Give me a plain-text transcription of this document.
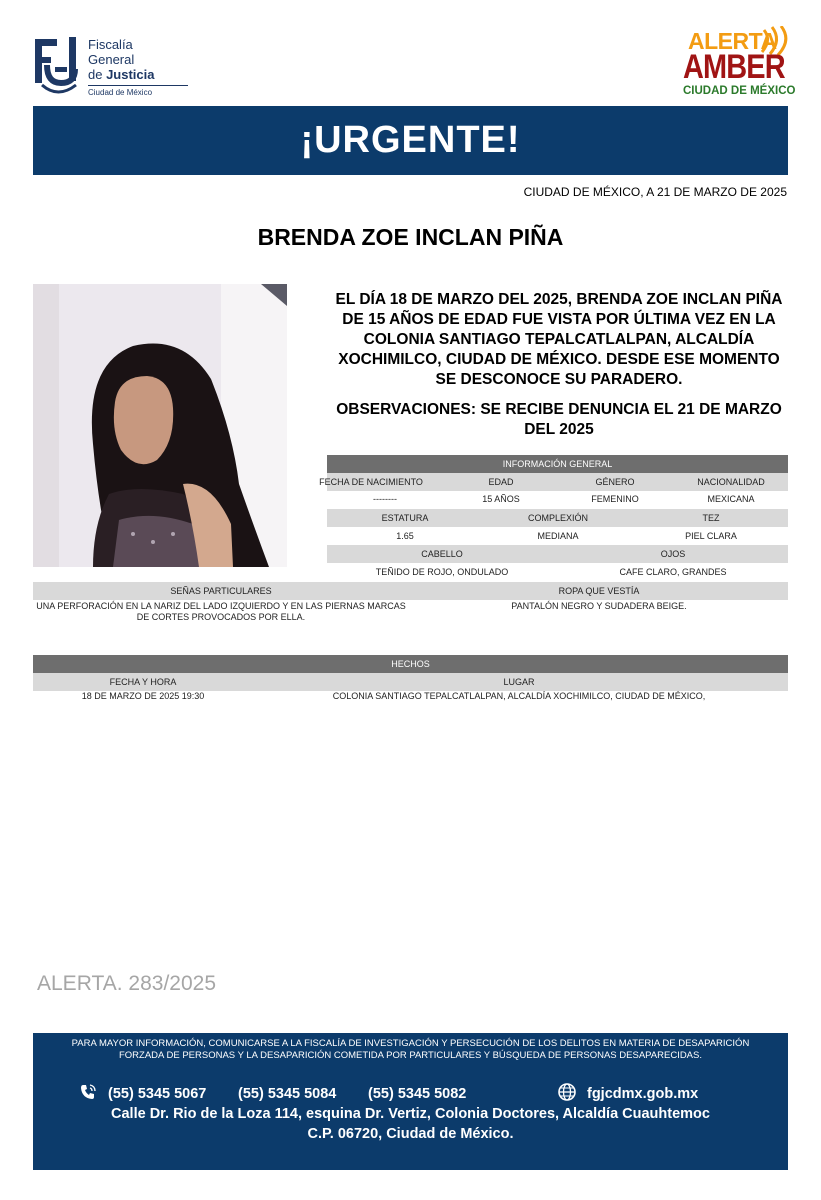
Fiscalía
General
de Justicia
Ciudad de México
ALERTA
AMBER
CIUDAD DE MÉXICO
¡URGENTE!
CIUDAD DE MÉXICO, A 21 DE MARZO DE 2025
BRENDA ZOE INCLAN PIÑA
EL DÍA 18 DE MARZO DEL 2025, BRENDA ZOE INCLAN PIÑA DE 15 AÑOS DE EDAD FUE VISTA POR ÚLTIMA VEZ EN LA COLONIA SANTIAGO TEPALCATLALPAN, ALCALDÍA XOCHIMILCO, CIUDAD DE MÉXICO. DESDE ESE MOMENTO SE DESCONOCE SU PARADERO.
OBSERVACIONES: SE RECIBE DENUNCIA EL 21 DE MARZO DEL 2025
INFORMACIÓN GENERAL
FECHA DE NACIMIENTO	EDAD	GÉNERO	NACIONALIDAD
--------	15 AÑOS	FEMENINO	MEXICANA
ESTATURA	COMPLEXIÓN	TEZ
1.65	MEDIANA	PIEL CLARA
CABELLO	OJOS
TEÑIDO DE ROJO, ONDULADO	CAFE CLARO, GRANDES
SEÑAS PARTICULARES	ROPA QUE VESTÍA
UNA PERFORACIÓN EN LA NARIZ DEL LADO IZQUIERDO Y EN LAS PIERNAS MARCAS
DE CORTES PROVOCADOS POR ELLA.
PANTALÓN NEGRO Y SUDADERA BEIGE.
HECHOS
FECHA Y HORA	LUGAR
18 DE MARZO DE 2025 19:30	COLONIA SANTIAGO TEPALCATLALPAN, ALCALDÍA XOCHIMILCO, CIUDAD DE MÉXICO,
ALERTA. 283/2025
PARA MAYOR INFORMACIÓN, COMUNICARSE A LA FISCALÍA DE INVESTIGACIÓN Y PERSECUCIÓN DE LOS DELITOS EN MATERIA DE DESAPARICIÓN
FORZADA DE PERSONAS Y LA DESAPARICIÓN COMETIDA POR PARTICULARES Y BÚSQUEDA DE PERSONAS DESAPARECIDAS.
(55) 5345 5067 (55) 5345 5084 (55) 5345 5082	fgjcdmx.gob.mx
Calle Dr. Rio de la Loza 114, esquina Dr. Vertiz, Colonia Doctores, Alcaldía Cuauhtemoc
C.P. 06720, Ciudad de México.
